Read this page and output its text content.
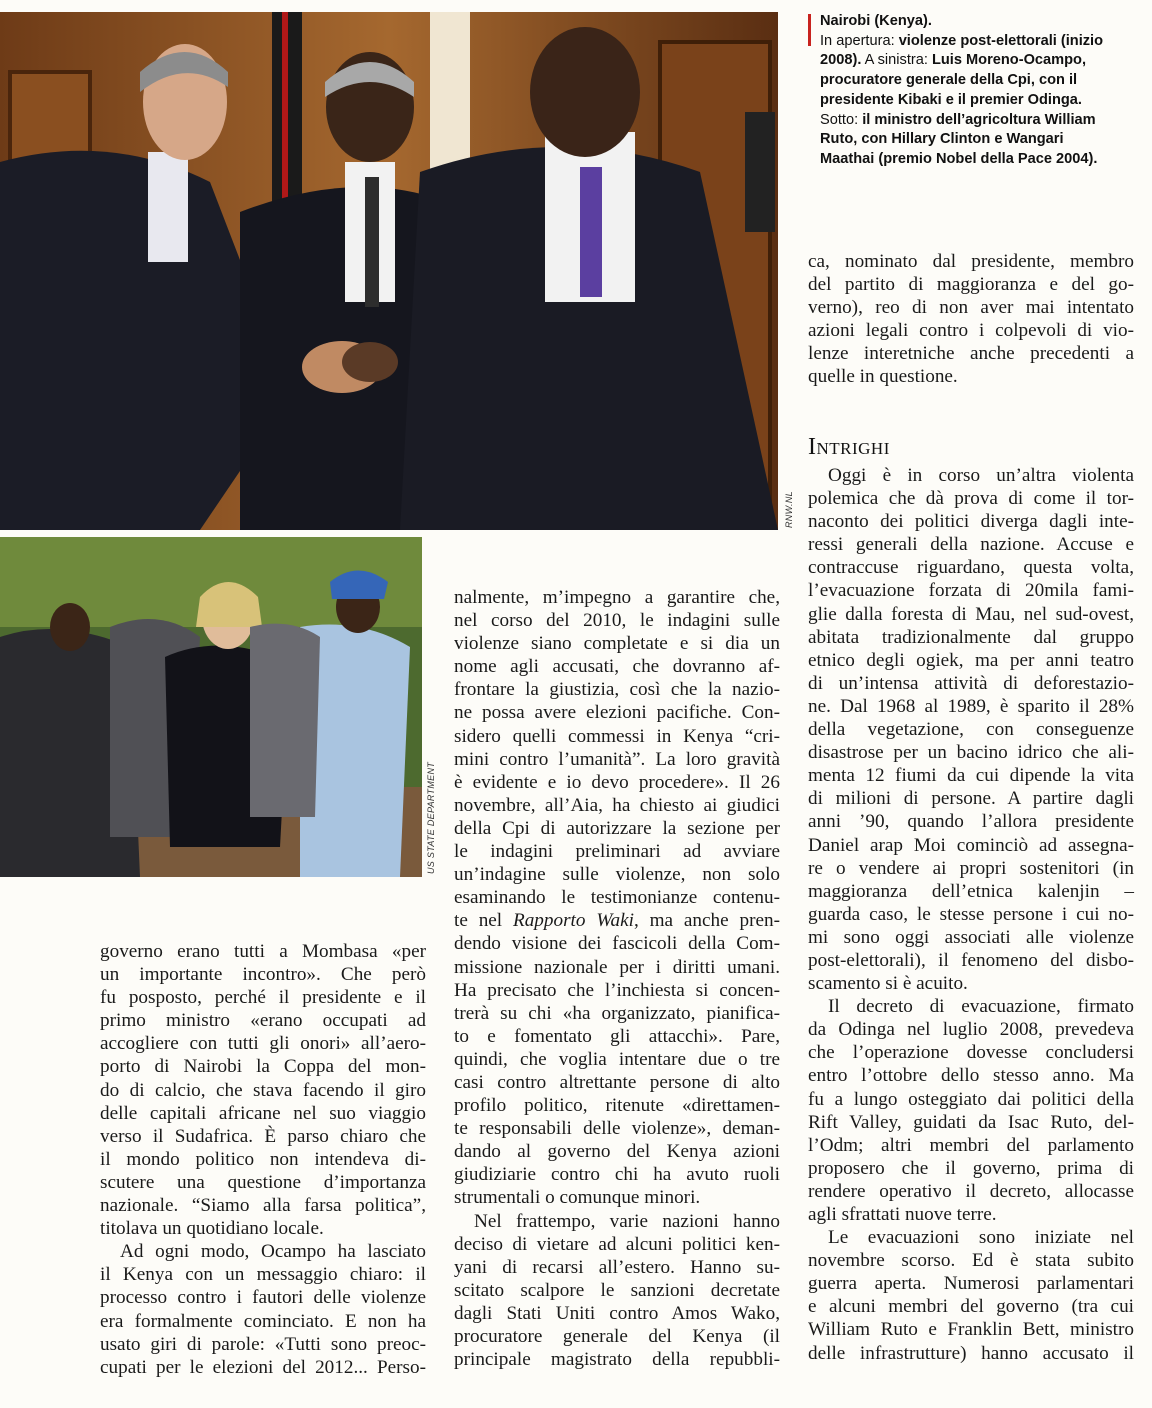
RNW.NL
US STATE DEPARTMENT
Nairobi (Kenya).
In apertura: violenze post-elettorali (inizio 2008). A sinistra: Luis Moreno-Ocampo, procuratore generale della Cpi, con il presidente Kibaki e il premier Odinga.
Sotto: il ministro dell’agricoltura William Ruto, con Hillary Clinton e Wangari Maathai (premio Nobel della Pace 2004).
ca, nominato dal presidente, membro
del partito di maggioranza e del go-
verno), reo di non aver mai intentato
azioni legali contro i colpevoli di vio-
lenze interetniche anche precedenti a
quelle in questione.
Intrighi
Oggi è in corso un’altra violenta
polemica che dà prova di come il tor-
naconto dei politici diverga dagli inte-
ressi generali della nazione. Accuse e
contraccuse riguardano, questa volta,
l’evacuazione forzata di 20mila fami-
glie dalla foresta di Mau, nel sud-ovest,
abitata tradizionalmente dal gruppo
etnico degli ogiek, ma per anni teatro
di un’intensa attività di deforestazio-
ne. Dal 1968 al 1989, è sparito il 28%
della vegetazione, con conseguenze
disastrose per un bacino idrico che ali-
menta 12 fiumi da cui dipende la vita
di milioni di persone. A partire dagli
anni ’90, quando l’allora presidente
Daniel arap Moi cominciò ad assegna-
re o vendere ai propri sostenitori (in
maggioranza dell’etnica kalenjin –
guarda caso, le stesse persone i cui no-
mi sono oggi associati alle violenze
post-elettorali), il fenomeno del disbo-
scamento si è acuito.
Il decreto di evacuazione, firmato
da Odinga nel luglio 2008, prevedeva
che l’operazione dovesse concludersi
entro l’ottobre dello stesso anno. Ma
fu a lungo osteggiato dai politici della
Rift Valley, guidati da Isac Ruto, del-
l’Odm; altri membri del parlamento
proposero che il governo, prima di
rendere operativo il decreto, allocasse
agli sfrattati nuove terre.
Le evacuazioni sono iniziate nel
novembre scorso. Ed è stata subito
guerra aperta. Numerosi parlamentari
e alcuni membri del governo (tra cui
William Ruto e Franklin Bett, ministro
delle infrastrutture) hanno accusato il
nalmente, m’impegno a garantire che,
nel corso del 2010, le indagini sulle
violenze siano completate e si dia un
nome agli accusati, che dovranno af-
frontare la giustizia, così che la nazio-
ne possa avere elezioni pacifiche. Con-
sidero quelli commessi in Kenya “cri-
mini contro l’umanità”. La loro gravità
è evidente e io devo procedere». Il 26
novembre, all’Aia, ha chiesto ai giudici
della Cpi di autorizzare la sezione per
le indagini preliminari ad avviare
un’indagine sulle violenze, non solo
esaminando le testimonianze contenu-
te nel Rapporto Waki, ma anche pren-
dendo visione dei fascicoli della Com-
missione nazionale per i diritti umani.
Ha precisato che l’inchiesta si concen-
trerà su chi «ha organizzato, pianifica-
to e fomentato gli attacchi». Pare,
quindi, che voglia intentare due o tre
casi contro altrettante persone di alto
profilo politico, ritenute «direttamen-
te responsabili delle violenze», deman-
dando al governo del Kenya azioni
giudiziarie contro chi ha avuto ruoli
strumentali o comunque minori.
Nel frattempo, varie nazioni hanno
deciso di vietare ad alcuni politici ken-
yani di recarsi all’estero. Hanno su-
scitato scalpore le sanzioni decretate
dagli Stati Uniti contro Amos Wako,
procuratore generale del Kenya (il
principale magistrato della repubbli-
governo erano tutti a Mombasa «per
un importante incontro». Che però
fu posposto, perché il presidente e il
primo ministro «erano occupati ad
accogliere con tutti gli onori» all’aero-
porto di Nairobi la Coppa del mon-
do di calcio, che stava facendo il giro
delle capitali africane nel suo viaggio
verso il Sudafrica. È parso chiaro che
il mondo politico non intendeva di-
scutere una questione d’importanza
nazionale. “Siamo alla farsa politica”,
titolava un quotidiano locale.
Ad ogni modo, Ocampo ha lasciato
il Kenya con un messaggio chiaro: il
processo contro i fautori delle violenze
era formalmente cominciato. E non ha
usato giri di parole: «Tutti sono preoc-
cupati per le elezioni del 2012... Perso-
